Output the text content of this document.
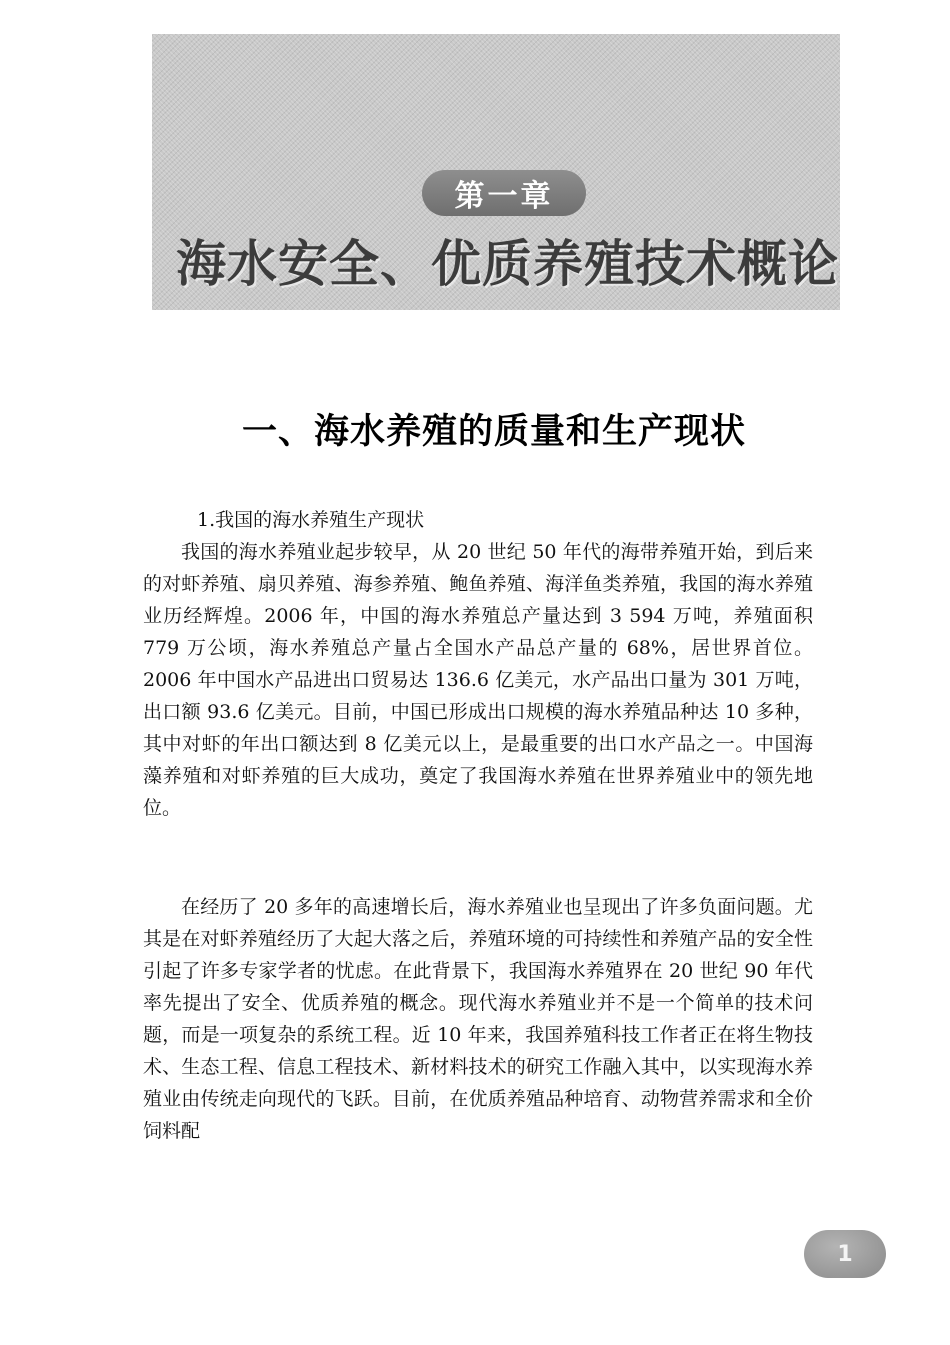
第一章
海水安全、优质养殖技术概论
一、海水养殖的质量和生产现状
1.我国的海水养殖生产现状

我国的海水养殖业起步较早，从 20 世纪 50 年代的海带养殖开始，到后来的对虾养殖、扇贝养殖、海参养殖、鲍鱼养殖、海洋鱼类养殖，我国的海水养殖业历经辉煌。2006 年，中国的海水养殖总产量达到 3 594 万吨，养殖面积 779 万公顷，海水养殖总产量占全国水产品总产量的 68%，居世界首位。2006 年中国水产品进出口贸易达 136.6 亿美元，水产品出口量为 301 万吨，出口额 93.6 亿美元。目前，中国已形成出口规模的海水养殖品种达 10 多种，其中对虾的年出口额达到 8 亿美元以上，是最重要的出口水产品之一。中国海藻养殖和对虾养殖的巨大成功，奠定了我国海水养殖在世界养殖业中的领先地位。

在经历了 20 多年的高速增长后，海水养殖业也呈现出了许多负面问题。尤其是在对虾养殖经历了大起大落之后，养殖环境的可持续性和养殖产品的安全性引起了许多专家学者的忧虑。在此背景下，我国海水养殖界在 20 世纪 90 年代率先提出了安全、优质养殖的概念。现代海水养殖业并不是一个简单的技术问题，而是一项复杂的系统工程。近 10 年来，我国养殖科技工作者正在将生物技术、生态工程、信息工程技术、新材料技术的研究工作融入其中，以实现海水养殖业由传统走向现代的飞跃。目前，在优质养殖品种培育、动物营养需求和全价饲料配

1
